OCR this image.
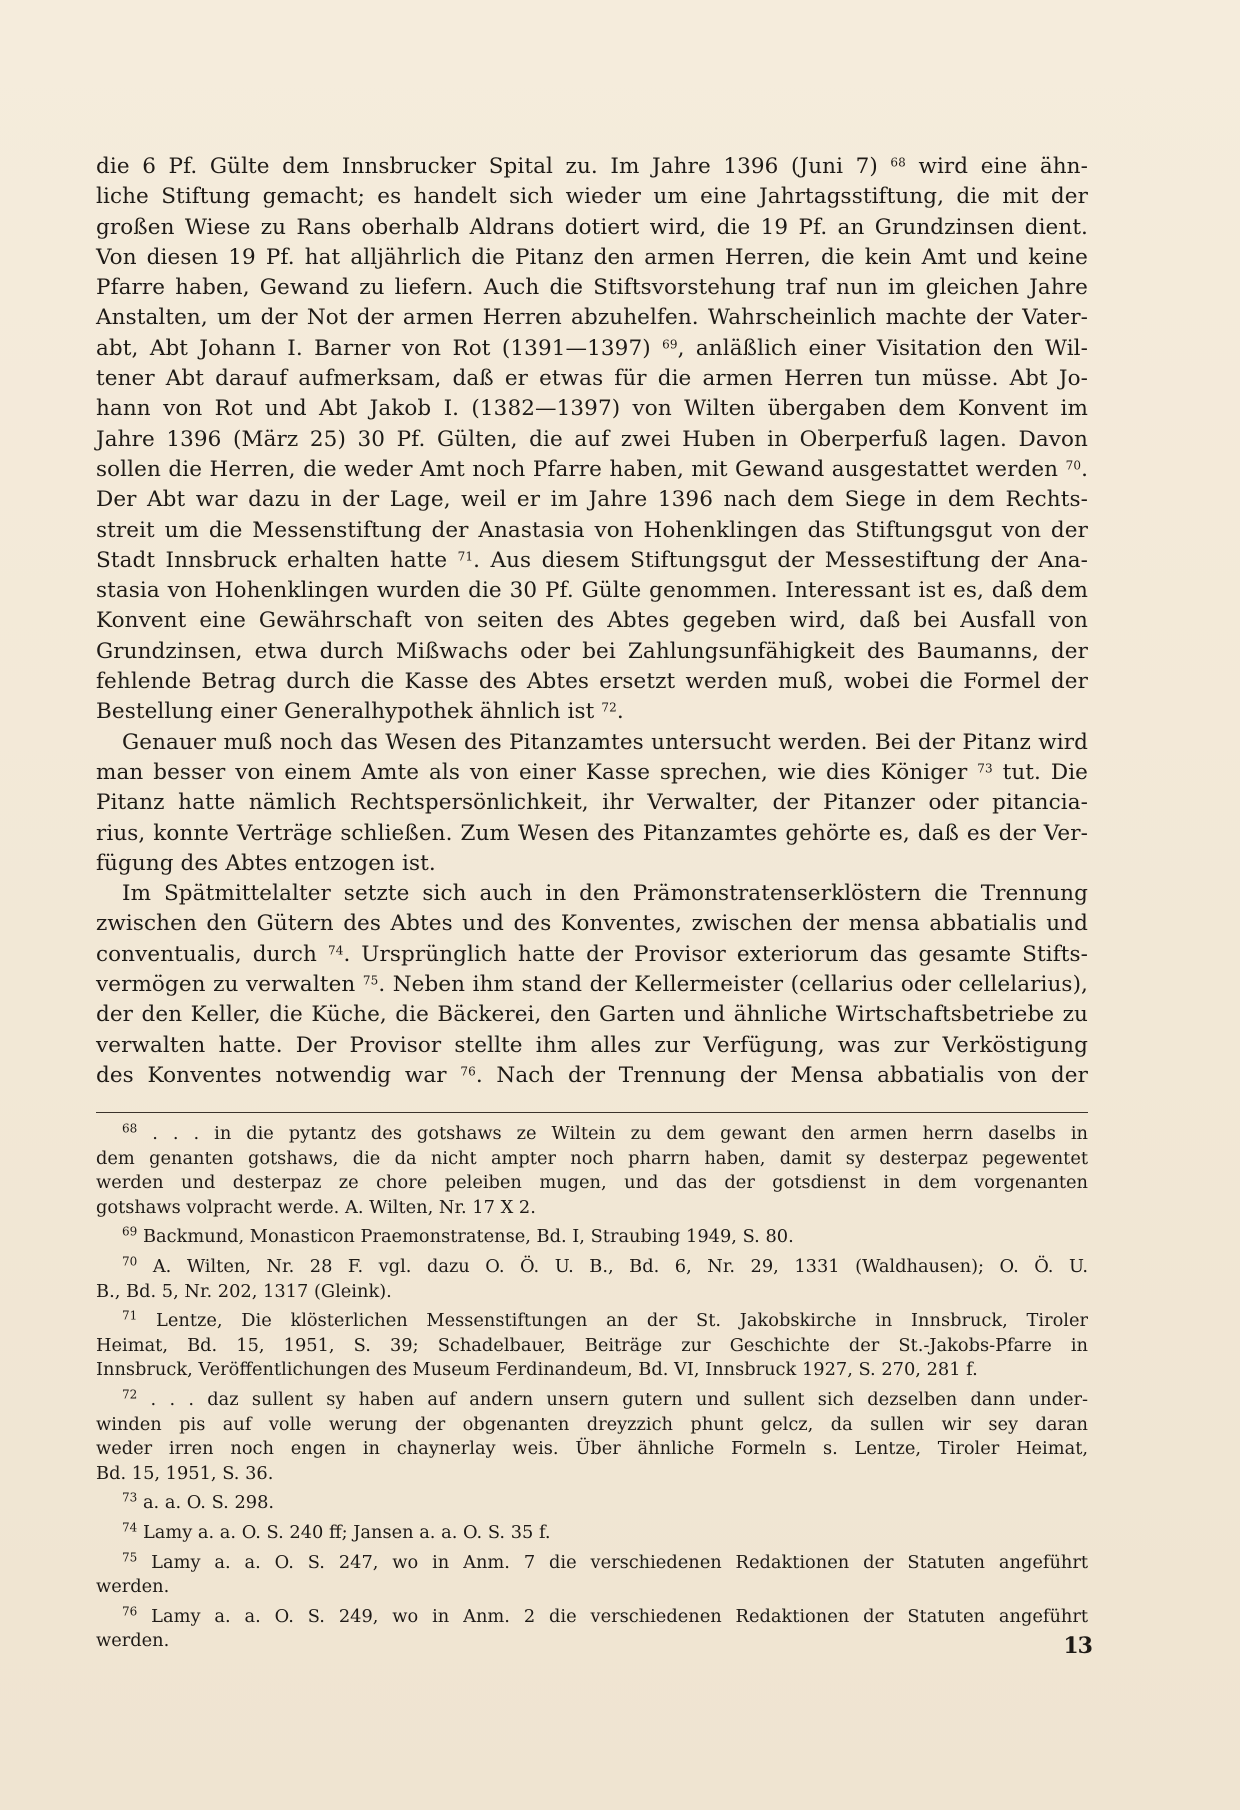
die 6 Pf. Gülte dem Innsbrucker Spital zu. Im Jahre 1396 (Juni 7) $^{68}$ wird eine ähn-
liche Stiftung gemacht; es handelt sich wieder um eine Jahrtagsstiftung, die mit der
großen Wiese zu Rans oberhalb Aldrans dotiert wird, die 19 Pf. an Grundzinsen dient.
Von diesen 19 Pf. hat alljährlich die Pitanz den armen Herren, die kein Amt und keine
Pfarre haben, Gewand zu liefern. Auch die Stiftsvorstehung traf nun im gleichen Jahre
Anstalten, um der Not der armen Herren abzuhelfen. Wahrscheinlich machte der Vater-
abt, Abt Johann I. Barner von Rot (1391—1397) $^{69}$, anläßlich einer Visitation den Wil-
tener Abt darauf aufmerksam, daß er etwas für die armen Herren tun müsse. Abt Jo-
hann von Rot und Abt Jakob I. (1382—1397) von Wilten übergaben dem Konvent im
Jahre 1396 (März 25) 30 Pf. Gülten, die auf zwei Huben in Oberperfuß lagen. Davon
sollen die Herren, die weder Amt noch Pfarre haben, mit Gewand ausgestattet werden $^{70}$.
Der Abt war dazu in der Lage, weil er im Jahre 1396 nach dem Siege in dem Rechts-
streit um die Messenstiftung der Anastasia von Hohenklingen das Stiftungsgut von der
Stadt Innsbruck erhalten hatte $^{71}$. Aus diesem Stiftungsgut der Messestiftung der Ana-
stasia von Hohenklingen wurden die 30 Pf. Gülte genommen. Interessant ist es, daß dem
Konvent eine Gewährschaft von seiten des Abtes gegeben wird, daß bei Ausfall von
Grundzinsen, etwa durch Mißwachs oder bei Zahlungsunfähigkeit des Baumanns, der
fehlende Betrag durch die Kasse des Abtes ersetzt werden muß, wobei die Formel der
Bestellung einer Generalhypothek ähnlich ist $^{72}$.
Genauer muß noch das Wesen des Pitanzamtes untersucht werden. Bei der Pitanz wird
man besser von einem Amte als von einer Kasse sprechen, wie dies Königer $^{73}$ tut. Die
Pitanz hatte nämlich Rechtspersönlichkeit, ihr Verwalter, der Pitanzer oder pitancia-
rius, konnte Verträge schließen. Zum Wesen des Pitanzamtes gehörte es, daß es der Ver-
fügung des Abtes entzogen ist.
Im Spätmittelalter setzte sich auch in den Prämonstratenserklöstern die Trennung
zwischen den Gütern des Abtes und des Konventes, zwischen der mensa abbatialis und
conventualis, durch $^{74}$. Ursprünglich hatte der Provisor exteriorum das gesamte Stifts-
vermögen zu verwalten $^{75}$. Neben ihm stand der Kellermeister (cellarius oder cellelarius),
der den Keller, die Küche, die Bäckerei, den Garten und ähnliche Wirtschaftsbetriebe zu
verwalten hatte. Der Provisor stellte ihm alles zur Verfügung, was zur Verköstigung
des Konventes notwendig war $^{76}$. Nach der Trennung der Mensa abbatialis von der
$^{68}$ . . . in die pytantz des gotshaws ze Wiltein zu dem gewant den armen herrn daselbs in
dem genanten gotshaws, die da nicht ampter noch pharrn haben, damit sy desterpaz pegewentet
werden und desterpaz ze chore peleiben mugen, und das der gotsdienst in dem vorgenanten
gotshaws volpracht werde. A. Wilten, Nr. 17 X 2.
$^{69}$ Backmund, Monasticon Praemonstratense, Bd. I, Straubing 1949, S. 80.
$^{70}$ A. Wilten, Nr. 28 F. vgl. dazu O. Ö. U. B., Bd. 6, Nr. 29, 1331 (Waldhausen); O. Ö. U.
B., Bd. 5, Nr. 202, 1317 (Gleink).
$^{71}$ Lentze, Die klösterlichen Messenstiftungen an der St. Jakobskirche in Innsbruck, Tiroler
Heimat, Bd. 15, 1951, S. 39; Schadelbauer, Beiträge zur Geschichte der St.-Jakobs-Pfarre in
Innsbruck, Veröffentlichungen des Museum Ferdinandeum, Bd. VI, Innsbruck 1927, S. 270, 281 f.
$^{72}$ . . . daz sullent sy haben auf andern unsern gutern und sullent sich dezselben dann under-
winden pis auf volle werung der obgenanten dreyzzich phunt gelcz, da sullen wir sey daran
weder irren noch engen in chaynerlay weis. Über ähnliche Formeln s. Lentze, Tiroler Heimat,
Bd. 15, 1951, S. 36.
$^{73}$ a. a. O. S. 298.
$^{74}$ Lamy a. a. O. S. 240 ff; Jansen a. a. O. S. 35 f.
$^{75}$ Lamy a. a. O. S. 247, wo in Anm. 7 die verschiedenen Redaktionen der Statuten angeführt
werden.
$^{76}$ Lamy a. a. O. S. 249, wo in Anm. 2 die verschiedenen Redaktionen der Statuten angeführt
werden.	13
